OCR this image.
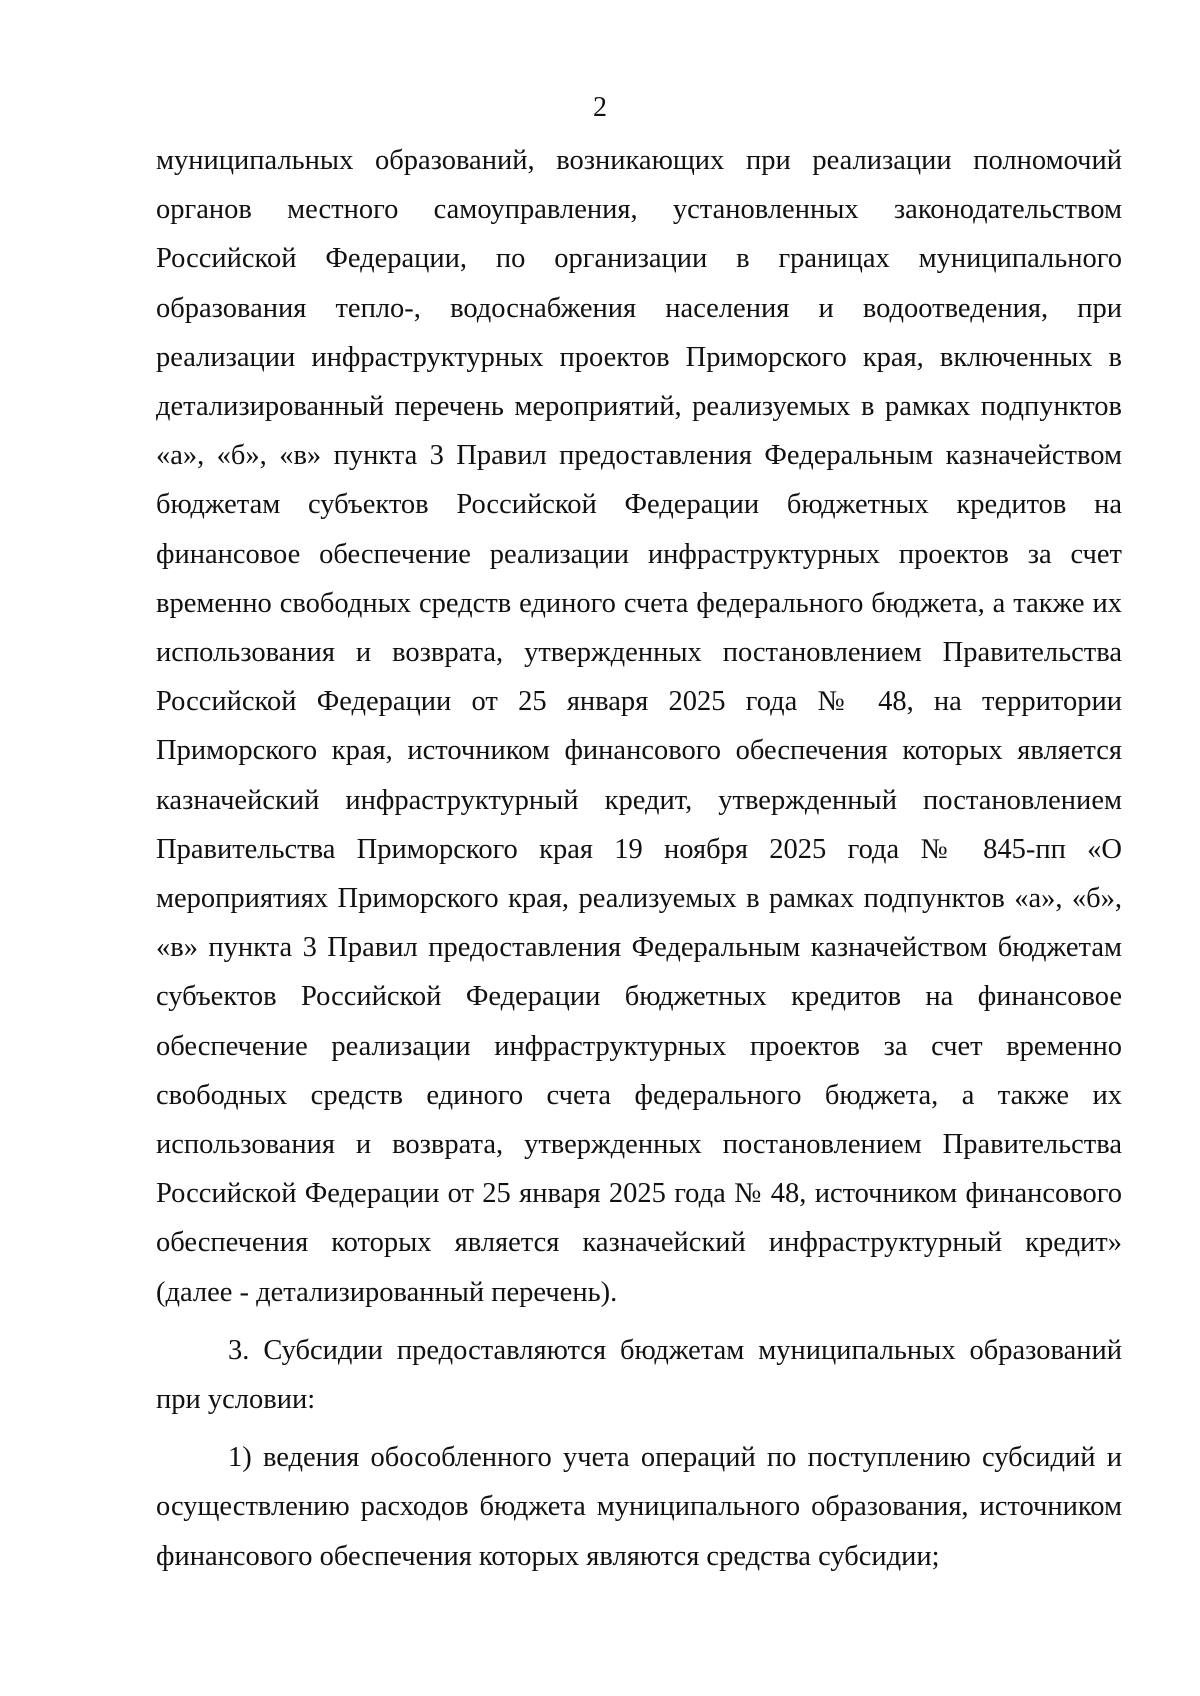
2

муниципальных образований, возникающих при реализации полномочий органов местного самоуправления, установленных законодательством Российской Федерации, по организации в границах муниципального образования тепло-, водоснабжения населения и водоотведения, при реализации инфраструктурных проектов Приморского края, включенных в детализированный перечень мероприятий, реализуемых в рамках подпунктов «а», «б», «в» пункта 3 Правил предоставления Федеральным казначейством бюджетам субъектов Российской Федерации бюджетных кредитов на финансовое обеспечение реализации инфраструктурных проектов за счет временно свободных средств единого счета федерального бюджета, а также их использования и возврата, утвержденных постановлением Правительства Российской Федерации от 25 января 2025 года № 48, на территории Приморского края, источником финансового обеспечения которых является казначейский инфраструктурный кредит, утвержденный постановлением Правительства Приморского края 19 ноября 2025 года № 845-пп «О мероприятиях Приморского края, реализуемых в рамках подпунктов «а», «б», «в» пункта 3 Правил предоставления Федеральным казначейством бюджетам субъектов Российской Федерации бюджетных кредитов на финансовое обеспечение реализации инфраструктурных проектов за счет временно свободных средств единого счета федерального бюджета, а также их использования и возврата, утвержденных постановлением Правительства Российской Федерации от 25 января 2025 года № 48, источником финансового обеспечения которых является казначейский инфраструктурный кредит» (далее - детализированный перечень).

3. Субсидии предоставляются бюджетам муниципальных образований при условии:

1) ведения обособленного учета операций по поступлению субсидий и осуществлению расходов бюджета муниципального образования, источником финансового обеспечения которых являются средства субсидии;
